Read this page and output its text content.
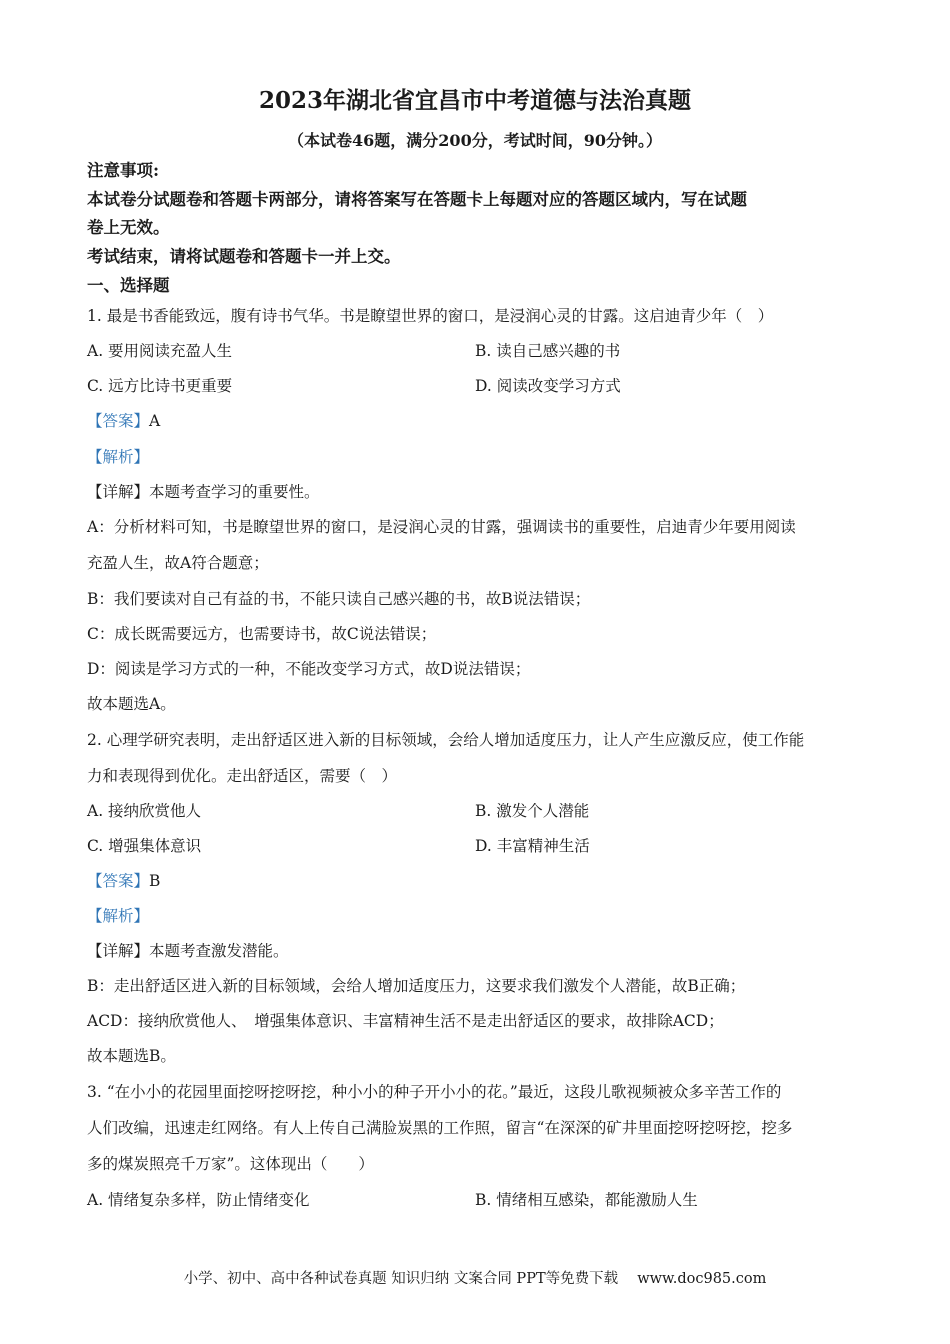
2023年湖北省宜昌市中考道德与法治真题
（本试卷46题，满分200分，考试时间，90分钟。）
注意事项:
本试卷分试题卷和答题卡两部分，请将答案写在答题卡上每题对应的答题区域内，写在试题
卷上无效。
考试结束，请将试题卷和答题卡一并上交。
一、选择题
1. 最是书香能致远，腹有诗书气华。书是瞭望世界的窗口，是浸润心灵的甘露。这启迪青少年（　）
A. 要用阅读充盈人生	B. 读自己感兴趣的书
C. 远方比诗书更重要	D. 阅读改变学习方式
【答案】A
【解析】
【详解】本题考查学习的重要性。
A：分析材料可知，书是瞭望世界的窗口，是浸润心灵的甘露，强调读书的重要性，启迪青少年要用阅读
充盈人生，故A符合题意；
B：我们要读对自己有益的书，不能只读自己感兴趣的书，故B说法错误；
C：成长既需要远方，也需要诗书，故C说法错误；
D：阅读是学习方式的一种，不能改变学习方式，故D说法错误；
故本题选A。
2. 心理学研究表明，走出舒适区进入新的目标领域，会给人增加适度压力，让人产生应激反应，使工作能
力和表现得到优化。走出舒适区，需要（　）
A. 接纳欣赏他人	B. 激发个人潜能
C. 增强集体意识	D. 丰富精神生活
【答案】B
【解析】
【详解】本题考查激发潜能。
B：走出舒适区进入新的目标领域，会给人增加适度压力，这要求我们激发个人潜能，故B正确；
ACD：接纳欣赏他人、　增强集体意识、丰富精神生活不是走出舒适区的要求，故排除ACD；
故本题选B。
3. “在小小的花园里面挖呀挖呀挖，种小小的种子开小小的花。”最近，这段儿歌视频被众多辛苦工作的
人们改编，迅速走红网络。有人上传自己满脸炭黑的工作照，留言“在深深的矿井里面挖呀挖呀挖，挖多
多的煤炭照亮千万家”。这体现出（　　）
A. 情绪复杂多样，防止情绪变化	B. 情绪相互感染，都能激励人生
小学、初中、高中各种试卷真题 知识归纳 文案合同 PPT等免费下载　 www.doc985.com
